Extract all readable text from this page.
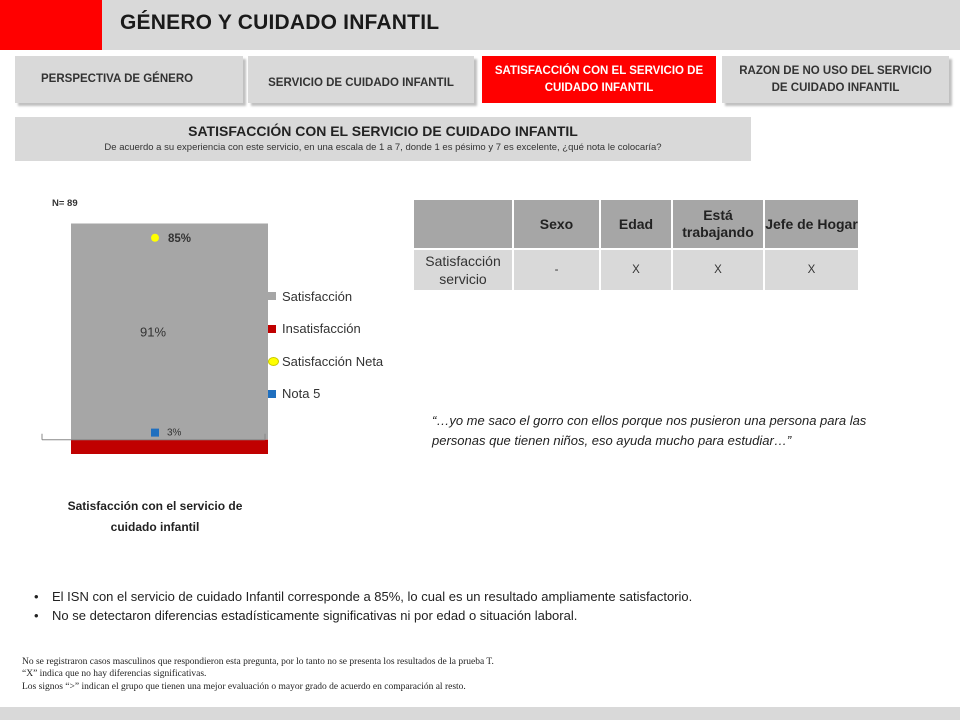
GÉNERO Y CUIDADO INFANTIL
PERSPECTIVA DE GÉNERO	SERVICIO DE CUIDADO INFANTIL
SATISFACCIÓN CON EL SERVICIO DE CUIDADO INFANTIL
RAZON DE NO USO DEL SERVICIO DE CUIDADO INFANTIL
SATISFACCIÓN CON EL SERVICIO DE CUIDADO INFANTIL
De acuerdo a su experiencia con este servicio, en una escala de 1 a 7, donde 1 es pésimo y 7 es excelente, ¿qué nota le colocaría?
N= 89
91%
85%
3%
Satisfacción con el servicio de
cuidado infantil
Satisfacción
Insatisfacción
Satisfacción Neta
Nota 5
	Sexo	Edad	Está trabajando	Jefe de Hogar
Satisfacción servicio	-	X	X	X
“…yo me saco el gorro con ellos porque nos pusieron una persona para las personas que tienen niños, eso ayuda mucho para estudiar…”
•	El ISN con el servicio de cuidado Infantil corresponde a 85%, lo cual es un resultado ampliamente satisfactorio.
•	No se detectaron diferencias estadísticamente significativas ni por edad o situación laboral.
No se registraron casos masculinos que respondieron esta pregunta, por lo tanto no se presenta los resultados de la prueba T.
“X” indica que no hay diferencias significativas.
Los signos “>” indican el grupo que tienen una mejor evaluación o mayor grado de acuerdo en comparación al resto.
